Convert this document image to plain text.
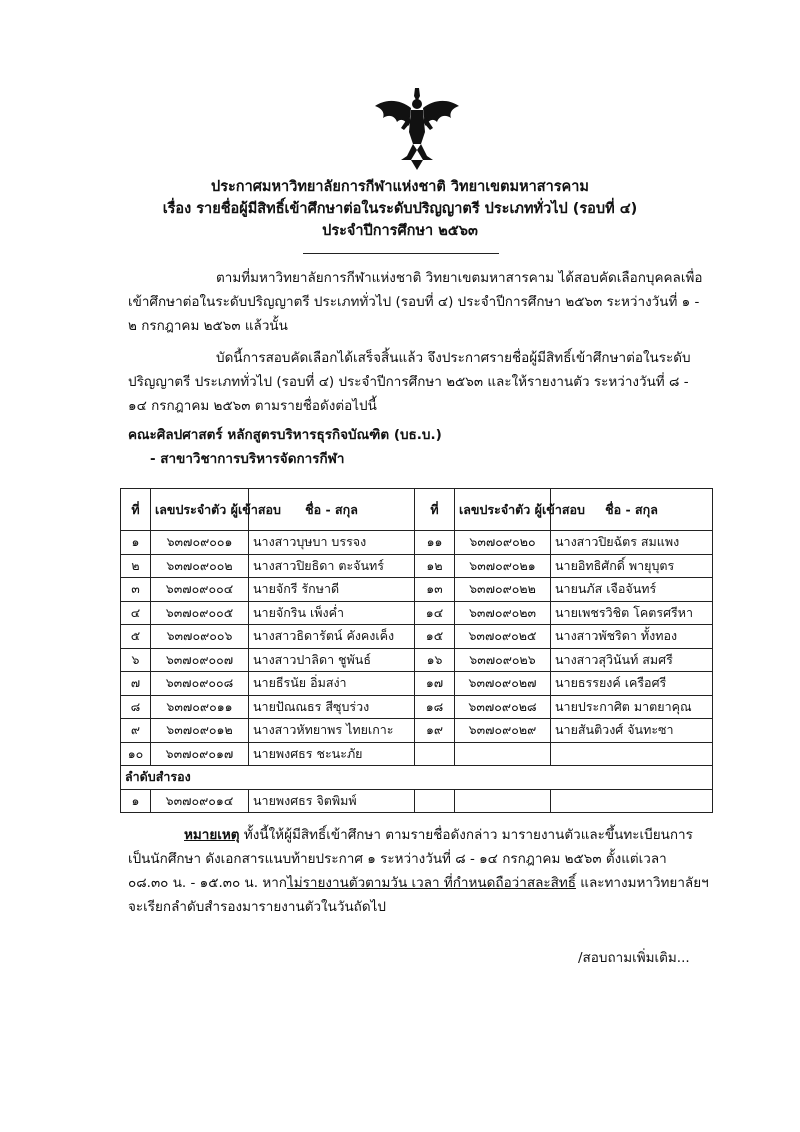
ประกาศมหาวิทยาลัยการกีฬาแห่งชาติ วิทยาเขตมหาสารคาม
เรื่อง รายชื่อผู้มีสิทธิ์เข้าศึกษาต่อในระดับปริญญาตรี ประเภททั่วไป (รอบที่ ๔)
ประจำปีการศึกษา ๒๕๖๓

ตามที่มหาวิทยาลัยการกีฬาแห่งชาติ วิทยาเขตมหาสารคาม ได้สอบคัดเลือกบุคคลเพื่อเข้าศึกษาต่อในระดับปริญญาตรี ประเภททั่วไป (รอบที่ ๔) ประจำปีการศึกษา ๒๕๖๓ ระหว่างวันที่ ๑ - ๒ กรกฎาคม ๒๕๖๓ แล้วนั้น

บัดนี้การสอบคัดเลือกได้เสร็จสิ้นแล้ว จึงประกาศรายชื่อผู้มีสิทธิ์เข้าศึกษาต่อในระดับปริญญาตรี ประเภททั่วไป (รอบที่ ๔) ประจำปีการศึกษา ๒๕๖๓ และให้รายงานตัว ระหว่างวันที่ ๘ - ๑๔ กรกฎาคม ๒๕๖๓ ตามรายชื่อดังต่อไปนี้

คณะศิลปศาสตร์ หลักสูตรบริหารธุรกิจบัณฑิต (บธ.บ.)
- สาขาวิชาการบริหารจัดการกีฬา
ที่	เลขประจำตัว ผู้เข้าสอบ	ชื่อ - สกุล	ที่	เลขประจำตัว ผู้เข้าสอบ	ชื่อ - สกุล
๑	๖๓๗๐๙๐๐๑	นางสาวบุษบา บรรจง	๑๑	๖๓๗๐๙๐๒๐	นางสาวปิยฉัตร สมแพง
๒	๖๓๗๐๙๐๐๒	นางสาวปิยธิดา ตะจันทร์	๑๒	๖๓๗๐๙๐๒๑	นายอิทธิศักดิ์ พายุบุตร
๓	๖๓๗๐๙๐๐๔	นายจักรี รักษาดี	๑๓	๖๓๗๐๙๐๒๒	นายนภัส เจือจันทร์
๔	๖๓๗๐๙๐๐๕	นายจักริน เพ็งค่ำ	๑๔	๖๓๗๐๙๐๒๓	นายเพชรวิชิต โคตรศรีหา
๕	๖๓๗๐๙๐๐๖	นางสาวธิดารัตน์ คังคงเค็ง	๑๕	๖๓๗๐๙๐๒๕	นางสาวพัชริดา ทั้งทอง
๖	๖๓๗๐๙๐๐๗	นางสาวปาลิดา ชูพันธ์	๑๖	๖๓๗๐๙๐๒๖	นางสาวสุวินันท์ สมศรี
๗	๖๓๗๐๙๐๐๘	นายธีรนัย อิ่มสง่า	๑๗	๖๓๗๐๙๐๒๗	นายธรรยงค์ เครือศรี
๘	๖๓๗๐๙๐๑๑	นายปัณณธร สีซุบร่วง	๑๘	๖๓๗๐๙๐๒๘	นายประกาศิต มาตยาคุณ
๙	๖๓๗๐๙๐๑๒	นางสาวหัทยาพร ไทยเกาะ	๑๙	๖๓๗๐๙๐๒๙	นายสันติวงศ์ จันทะซา
๑๐	๖๓๗๐๙๐๑๗	นายพงศธร ชะนะภัย			
ลำดับสำรอง					
๑	๖๓๗๐๙๐๑๔	นายพงศธร จิตพิมพ์			

หมายเหตุ ทั้งนี้ให้ผู้มีสิทธิ์เข้าศึกษา ตามรายชื่อดังกล่าว มารายงานตัวและขึ้นทะเบียนการเป็นนักศึกษา ดังเอกสารแนบท้ายประกาศ ๑ ระหว่างวันที่ ๘ - ๑๔ กรกฎาคม ๒๕๖๓ ตั้งแต่เวลา ๐๘.๓๐ น. - ๑๕.๓๐ น. หากไม่รายงานตัวตามวัน เวลา ที่กำหนดถือว่าสละสิทธิ์ และทางมหาวิทยาลัยฯ จะเรียกลำดับสำรองมารายงานตัวในวันถัดไป

/สอบถามเพิ่มเติม...
